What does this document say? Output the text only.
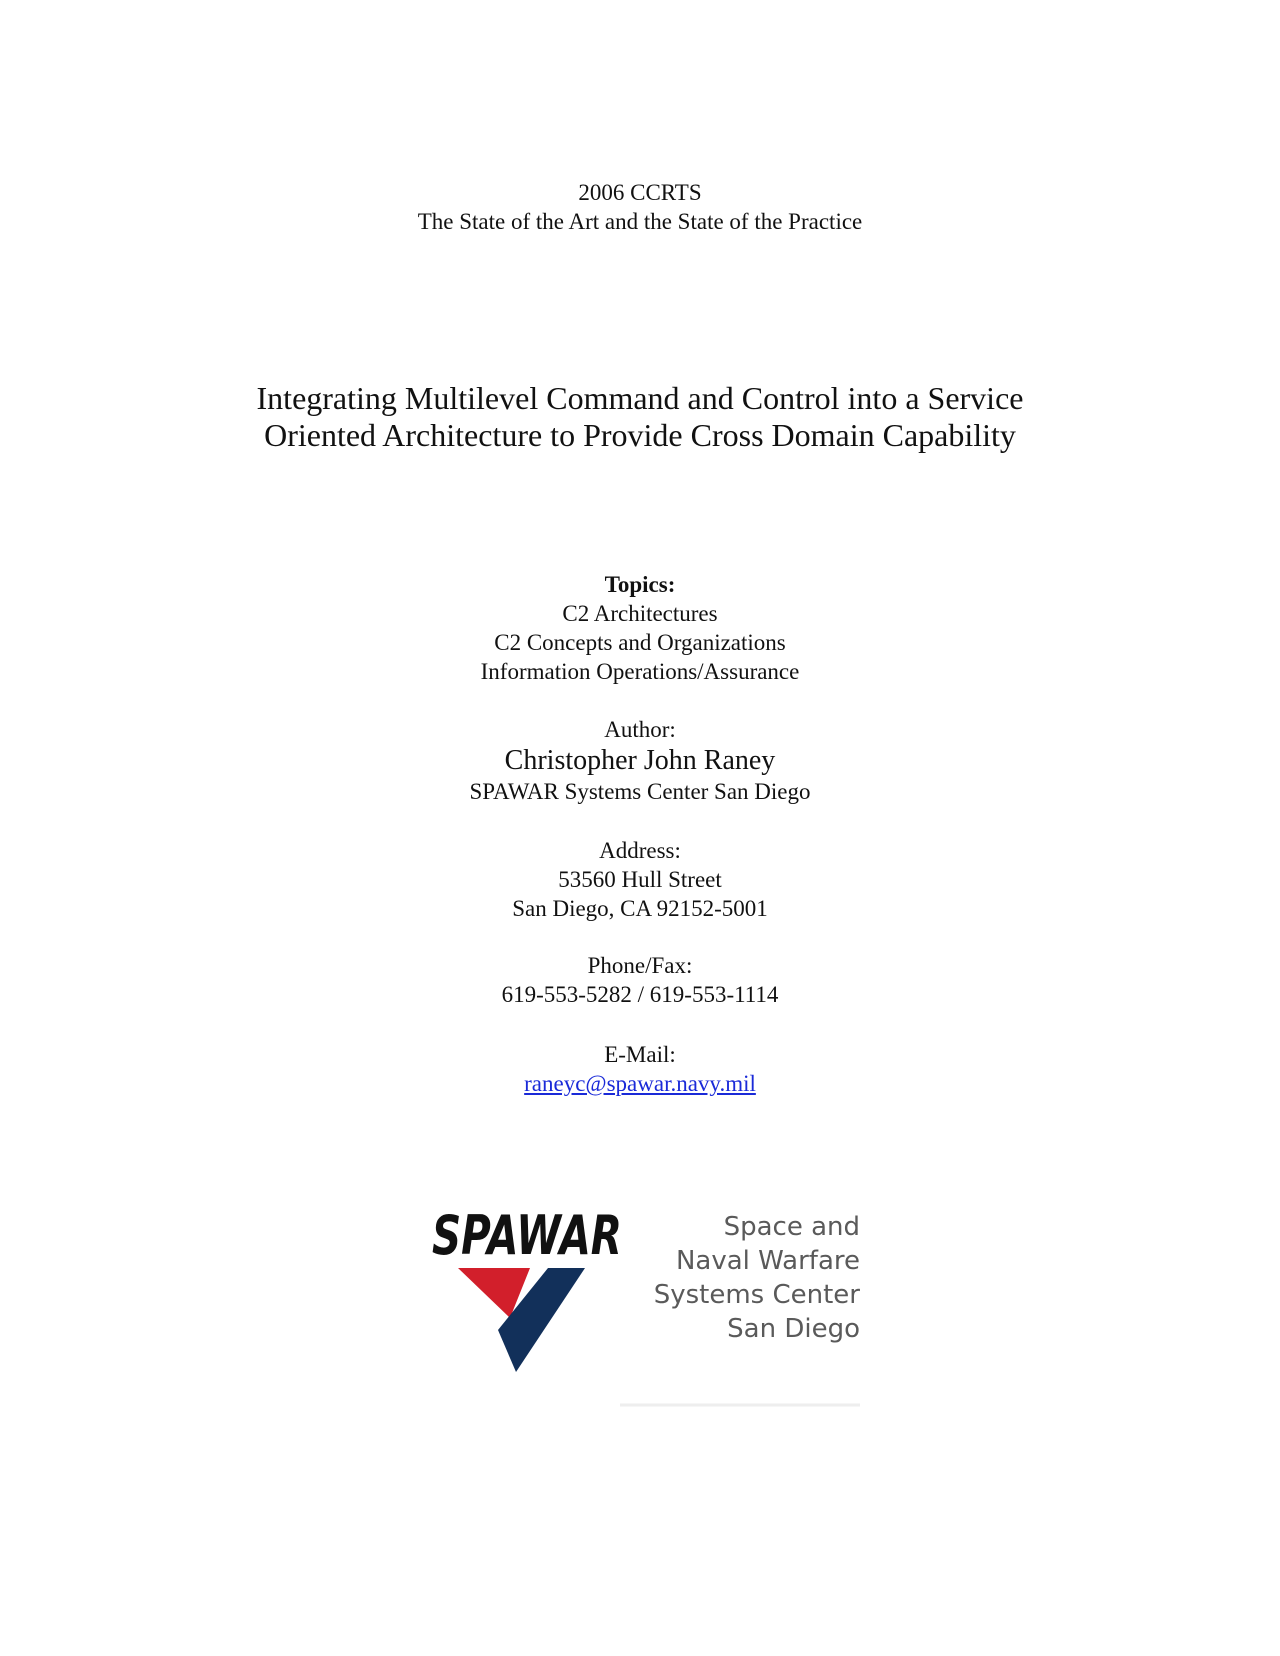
2006 CCRTS
The State of the Art and the State of the Practice
Integrating Multilevel Command and Control into a Service
Oriented Architecture to Provide Cross Domain Capability
Topics:
C2 Architectures
C2 Concepts and Organizations
Information Operations/Assurance
Author:
Christopher John Raney
SPAWAR Systems Center San Diego
Address:
53560 Hull Street
San Diego, CA 92152-5001
Phone/Fax:
619-553-5282 / 619-553-1114
E-Mail:
raneyc@spawar.navy.mil
SPAWAR	Space and
Naval Warfare
Systems Center
San Diego
